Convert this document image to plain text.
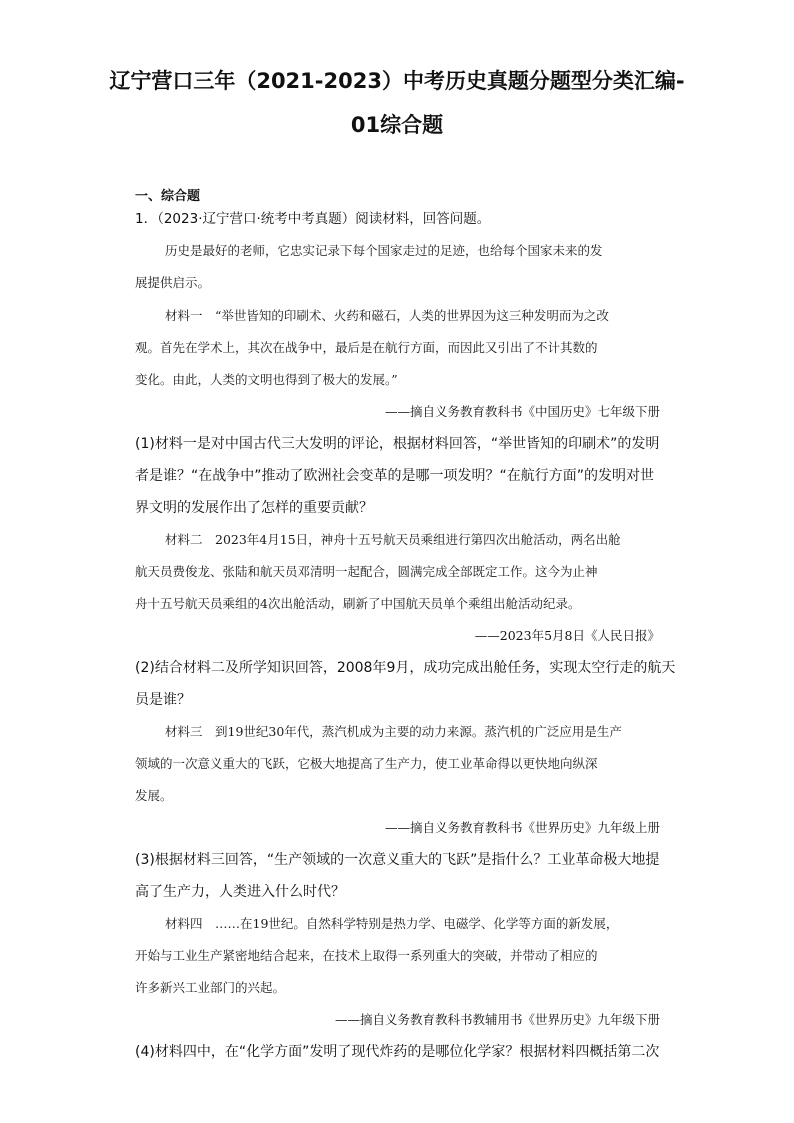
辽宁营口三年（2021-2023）中考历史真题分题型分类汇编-
01综合题
一、综合题
1．（2023·辽宁营口·统考中考真题）阅读材料，回答问题。
历史是最好的老师，它忠实记录下每个国家走过的足迹，也给每个国家未来的发
展提供启示。
材料一　“举世皆知的印刷术、火药和磁石，人类的世界因为这三种发明而为之改
观。首先在学术上，其次在战争中，最后是在航行方面，而因此又引出了不计其数的
变化。由此，人类的文明也得到了极大的发展。”
——摘自义务教育教科书《中国历史》七年级下册
(1)材料一是对中国古代三大发明的评论，根据材料回答，“举世皆知的印刷术”的发明
者是谁？“在战争中”推动了欧洲社会变革的是哪一项发明？“在航行方面”的发明对世
界文明的发展作出了怎样的重要贡献？
材料二　2023年4月15日，神舟十五号航天员乘组进行第四次出舱活动，两名出舱
航天员费俊龙、张陆和航天员邓清明一起配合，圆满完成全部既定工作。这今为止神
舟十五号航天员乘组的4次出舱活动，刷新了中国航天员单个乘组出舱活动纪录。
——2023年5月8日《人民日报》
(2)结合材料二及所学知识回答，2008年9月，成功完成出舱任务，实现太空行走的航天
员是谁？
材料三　到19世纪30年代，蒸汽机成为主要的动力来源。蒸汽机的广泛应用是生产
领域的一次意义重大的飞跃，它极大地提高了生产力，使工业革命得以更快地向纵深
发展。
——摘自义务教育教科书《世界历史》九年级上册
(3)根据材料三回答，“生产领域的一次意义重大的飞跃”是指什么？工业革命极大地提
高了生产力，人类进入什么时代？
材料四　……在19世纪。自然科学特别是热力学、电磁学、化学等方面的新发展，
开始与工业生产紧密地结合起来，在技术上取得一系列重大的突破，并带动了相应的
许多新兴工业部门的兴起。
——摘自义务教育教科书教辅用书《世界历史》九年级下册
(4)材料四中，在“化学方面”发明了现代炸药的是哪位化学家？根据材料四概括第二次
